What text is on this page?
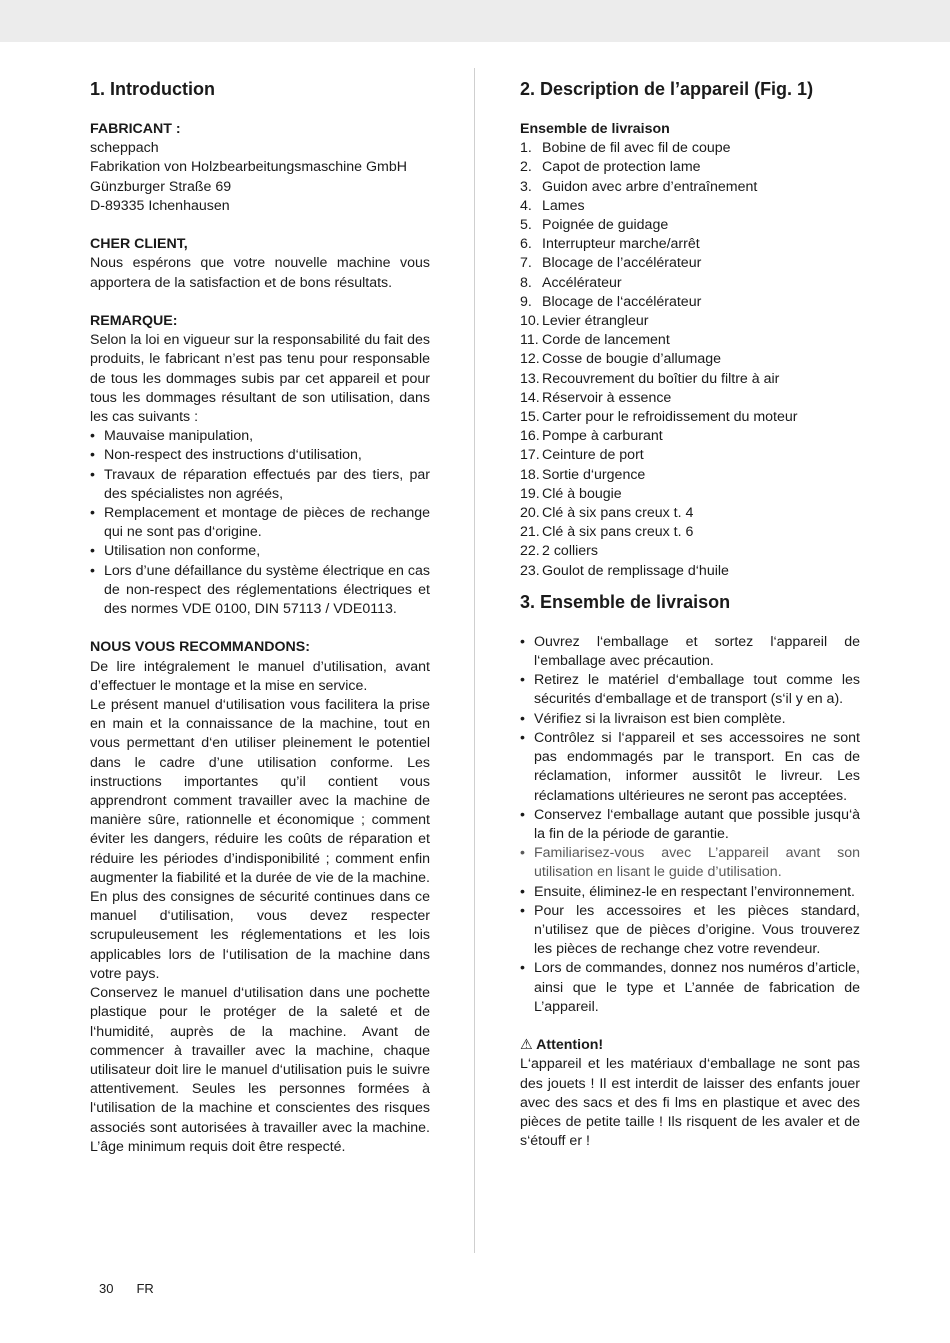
1. Introduction

FABRICANT :

scheppach

Fabrikation von Holzbearbeitungsmaschine GmbH

Günzburger Straße 69

D-89335 Ichenhausen

CHER CLIENT,

Nous espérons que votre nouvelle machine vous apportera de la satisfaction et de bons résultats.

REMARQUE:

Selon la loi en vigueur sur la responsabilité du fait des produits, le fabricant n’est pas tenu pour responsable de tous les dommages subis par cet appareil et pour tous les dommages résultant de son utilisation, dans les cas suivants :

• Mauvaise manipulation,
• Non-respect des instructions d‘utilisation,
• Travaux de réparation effectués par des tiers, par des spécialistes non agréés,
• Remplacement et montage de pièces de rechange qui ne sont pas d‘origine.
• Utilisation non conforme,
• Lors d’une défaillance du système électrique en cas de non-respect des réglementations électriques et des normes VDE 0100, DIN 57113 / VDE0113.

NOUS VOUS RECOMMANDONS:

De lire intégralement le manuel d’utilisation, avant d’effectuer le montage et la mise en service.

Le présent manuel d‘utilisation vous facilitera la prise en main et la connaissance de la machine, tout en vous permettant d‘en utiliser pleinement le potentiel dans le cadre d’une utilisation conforme. Les instructions importantes qu’il contient vous apprendront comment travailler avec la machine de manière sûre, rationnelle et économique ; comment éviter les dangers, réduire les coûts de réparation et réduire les périodes d’indisponibilité ; comment enfin augmenter la fiabilité et la durée de vie de la machine. En plus des consignes de sécurité continues dans ce manuel d‘utilisation, vous devez respecter scrupuleusement les réglementations et les lois applicables lors de l‘utilisation de la machine dans votre pays.

Conservez le manuel d‘utilisation dans une pochette plastique pour le protéger de la saleté et de l‘humidité, auprès de la machine. Avant de commencer à travailler avec la machine, chaque utilisateur doit lire le manuel d‘utilisation puis le suivre attentivement. Seules les personnes formées à l‘utilisation de la machine et conscientes des risques associés sont autorisées à travailler avec la machine. L’âge minimum requis doit être respecté.

2. Description de l’appareil (Fig. 1)

Ensemble de livraison

1. Bobine de fil avec fil de coupe
2. Capot de protection lame
3. Guidon avec arbre d’entraînement
4. Lames
5. Poignée de guidage
6. Interrupteur marche/arrêt
7. Blocage de l’accélérateur
8. Accélérateur
9. Blocage de l‘accélérateur
10. Levier étrangleur
11. Corde de lancement
12. Cosse de bougie d’allumage
13. Recouvrement du boîtier du filtre à air
14. Réservoir à essence
15. Carter pour le refroidissement du moteur
16. Pompe à carburant
17. Ceinture de port
18. Sortie d‘urgence
19. Clé à bougie
20. Clé à six pans creux t. 4
21. Clé à six pans creux t. 6
22. 2 colliers
23. Goulot de remplissage d‘huile
3. Ensemble de livraison
• Ouvrez l‘emballage et sortez l‘appareil de l‘emballage avec précaution.
• Retirez le matériel d‘emballage tout comme les sécurités d‘emballage et de transport (s‘il y en a).
• Vérifiez si la livraison est bien complète.
• Contrôlez si l‘appareil et ses accessoires ne sont pas endommagés par le transport. En cas de réclamation, informer aussitôt le livreur. Les réclamations ultérieures ne seront pas acceptées.
• Conservez l‘emballage autant que possible jusqu‘à la fin de la période de garantie.
• Familiarisez-vous avec L’appareil avant son utilisation en lisant le guide d’utilisation.
• Ensuite, éliminez-le en respectant l’environnement.
• Pour les accessoires et les pièces standard, n’utilisez que de pièces d’origine. Vous trouverez les pièces de rechange chez votre revendeur.
• Lors de commandes, donnez nos numéros d’article, ainsi que le type et L’année de fabrication de L’appareil.

⚠ Attention!

L‘appareil et les matériaux d‘emballage ne sont pas des jouets ! Il est interdit de laisser des enfants jouer avec des sacs et des fi lms en plastique et avec des pièces de petite taille ! Ils risquent de les avaler et de s‘étouff er !

30 FR
